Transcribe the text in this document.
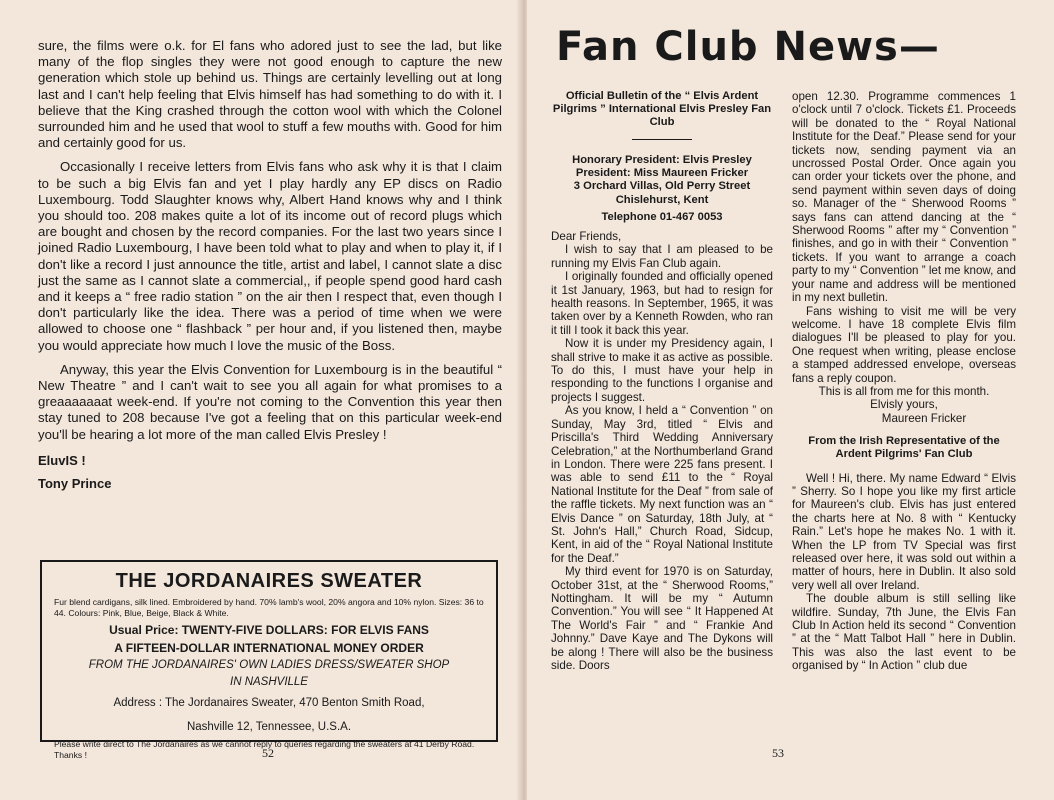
sure, the films were o.k. for El fans who adored just to see the lad, but like many of the flop singles they were not good enough to capture the new generation which stole up behind us. Things are certainly levelling out at long last and I can't help feeling that Elvis himself has had something to do with it. I believe that the King crashed through the cotton wool with which the Colonel surrounded him and he used that wool to stuff a few mouths with. Good for him and certainly good for us.

Occasionally I receive letters from Elvis fans who ask why it is that I claim to be such a big Elvis fan and yet I play hardly any EP discs on Radio Luxembourg. Todd Slaughter knows why, Albert Hand knows why and I think you should too. 208 makes quite a lot of its income out of record plugs which are bought and chosen by the record companies. For the last two years since I joined Radio Luxembourg, I have been told what to play and when to play it, if I don't like a record I just announce the title, artist and label, I cannot slate a disc just the same as I cannot slate a commercial,, if people spend good hard cash and it keeps a “ free radio station ” on the air then I respect that, even though I don't particularly like the idea. There was a period of time when we were allowed to choose one “ flashback ” per hour and, if you listened then, maybe you would appreciate how much I love the music of the Boss.

Anyway, this year the Elvis Convention for Luxembourg is in the beautiful “ New Theatre ” and I can't wait to see you all again for what promises to a greaaaaaaat week-end. If you're not coming to the Convention this year then stay tuned to 208 because I've got a feeling that on this particular week-end you'll be hearing a lot more of the man called Elvis Presley !

EluvIS !
Tony Prince
THE JORDANAIRES SWEATER
Fur blend cardigans, silk lined. Embroidered by hand. 70% lamb's wool, 20% angora and 10% nylon. Sizes: 36 to 44. Colours: Pink, Blue, Beige, Black & White.
Usual Price: TWENTY-FIVE DOLLARS: FOR ELVIS FANS
A FIFTEEN-DOLLAR INTERNATIONAL MONEY ORDER
FROM THE JORDANAIRES' OWN LADIES DRESS/SWEATER SHOP
IN NASHVILLE
Address : The Jordanaires Sweater, 470 Benton Smith Road,
Nashville 12, Tennessee, U.S.A.
Please write direct to The Jordanaires as we cannot reply to queries regarding the sweaters at 41 Derby Road. Thanks !	52
Fan Club News—
Official Bulletin of the “ Elvis Ardent Pilgrims ” International Elvis Presley Fan Club
Honorary President: Elvis Presley
President: Miss Maureen Fricker
3 Orchard Villas, Old Perry Street
Chislehurst, Kent
Telephone 01-467 0053

Dear Friends,

I wish to say that I am pleased to be running my Elvis Fan Club again.

I originally founded and officially opened it 1st January, 1963, but had to resign for health reasons. In September, 1965, it was taken over by a Kenneth Rowden, who ran it till I took it back this year.

Now it is under my Presidency again, I shall strive to make it as active as possible. To do this, I must have your help in responding to the functions I organise and projects I suggest.

As you know, I held a “ Convention ” on Sunday, May 3rd, titled “ Elvis and Priscilla's Third Wedding Anniversary Celebration,” at the Northumberland Grand in London. There were 225 fans present. I was able to send £11 to the “ Royal National Institute for the Deaf ” from sale of the raffle tickets. My next function was an “ Elvis Dance ” on Saturday, 18th July, at “ St. John's Hall,” Church Road, Sidcup, Kent, in aid of the “ Royal National Institute for the Deaf.”

My third event for 1970 is on Saturday, October 31st, at the “ Sherwood Rooms,” Nottingham. It will be my “ Autumn Convention.” You will see “ It Happened At The World's Fair ” and “ Frankie And Johnny.” Dave Kaye and The Dykons will be along ! There will also be the business side. Doors

open 12.30. Programme commences 1 o'clock until 7 o'clock. Tickets £1. Proceeds will be donated to the “ Royal National Institute for the Deaf.” Please send for your tickets now, sending payment via an uncrossed Postal Order. Once again you can order your tickets over the phone, and send payment within seven days of doing so. Manager of the “ Sherwood Rooms ” says fans can attend dancing at the “ Sherwood Rooms ” after my “ Convention ” finishes, and go in with their “ Convention ” tickets. If you want to arrange a coach party to my “ Convention ” let me know, and your name and address will be mentioned in my next bulletin.

Fans wishing to visit me will be very welcome. I have 18 complete Elvis film dialogues I'll be pleased to play for you. One request when writing, please enclose a stamped addressed envelope, overseas fans a reply coupon.

This is all from me for this month.

Elvisly yours,

Maureen Fricker

From the Irish Representative of the Ardent Pilgrims' Fan Club

Well ! Hi, there. My name Edward “ Elvis ” Sherry. So I hope you like my first article for Maureen's club. Elvis has just entered the charts here at No. 8 with “ Kentucky Rain.” Let's hope he makes No. 1 with it. When the LP from TV Special was first released over here, it was sold out within a matter of hours, here in Dublin. It also sold very well all over Ireland.

The double album is still selling like wildfire. Sunday, 7th June, the Elvis Fan Club In Action held its second “ Convention ” at the “ Matt Talbot Hall ” here in Dublin. This was also the last event to be organised by “ In Action ” club due

53
